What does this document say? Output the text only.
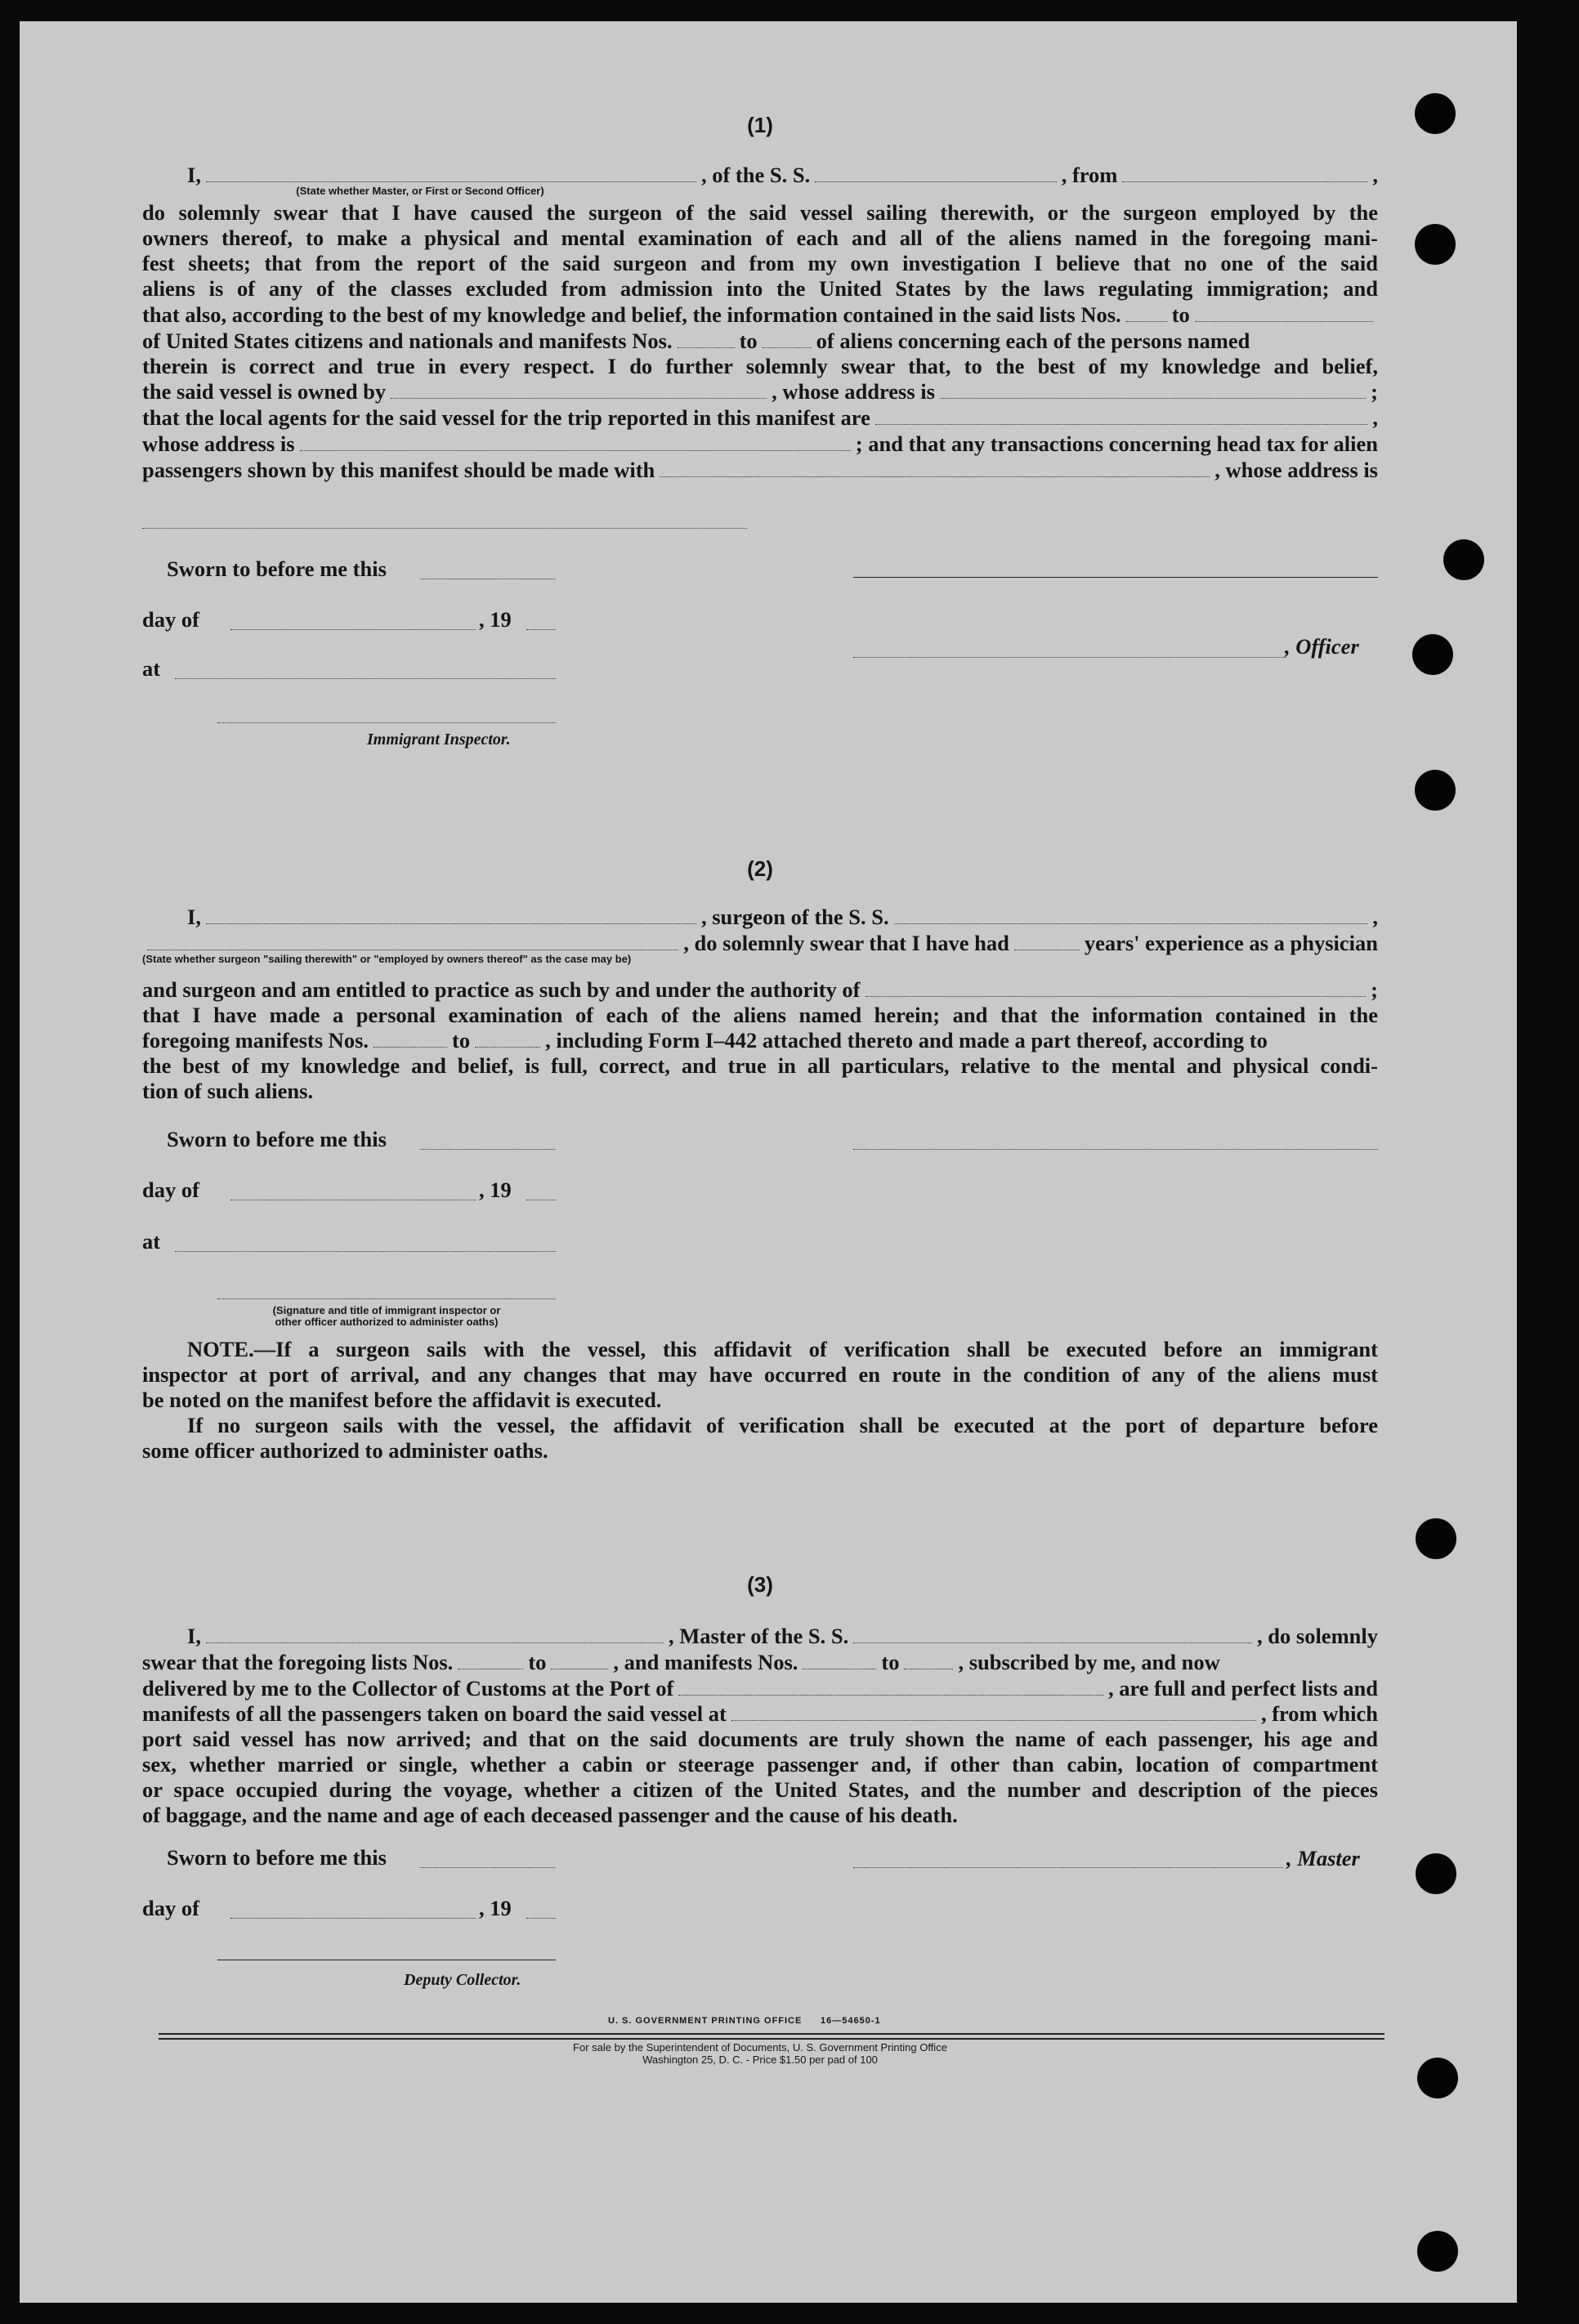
(1)
I,	, of the S. S.	, from	,
(State whether Master, or First or Second Officer)
do solemnly swear that I have caused the surgeon of the said vessel sailing therewith, or the surgeon employed by the
owners thereof, to make a physical and mental examination of each and all of the aliens named in the foregoing mani-
fest sheets; that from the report of the said surgeon and from my own investigation I believe that no one of the said
aliens is of any of the classes excluded from admission into the United States by the laws regulating immigration; and
that also, according to the best of my knowledge and belief, the information contained in the said lists Nos. to
of United States citizens and nationals and manifests Nos.	to	of aliens concerning each of the persons named
therein is correct and true in every respect. I do further solemnly swear that, to the best of my knowledge and belief,
the said vessel is owned by	, whose address is	;
that the local agents for the said vessel for the trip reported in this manifest are	,
whose address is	; and that any transactions concerning head tax for alien
passengers shown by this manifest should be made with	, whose address is
Sworn to before me this
day of	, 19
at
, Officer
Immigrant Inspector.
(2)
I,	, surgeon of the S. S.	,
, do solemnly swear that I have had	years' experience as a physician
(State whether surgeon "sailing therewith" or "employed by owners thereof" as the case may be)
and surgeon and am entitled to practice as such by and under the authority of	;
that I have made a personal examination of each of the aliens named herein; and that the information contained in the
foregoing manifests Nos.	to	, including Form I–442 attached thereto and made a part thereof, according to
the best of my knowledge and belief, is full, correct, and true in all particulars, relative to the mental and physical condi-
tion of such aliens.
Sworn to before me this
day of	, 19
at
(Signature and title of immigrant inspector or
other officer authorized to administer oaths)
NOTE.—If a surgeon sails with the vessel, this affidavit of verification shall be executed before an immigrant
inspector at port of arrival, and any changes that may have occurred en route in the condition of any of the aliens must
be noted on the manifest before the affidavit is executed.
If no surgeon sails with the vessel, the affidavit of verification shall be executed at the port of departure before
some officer authorized to administer oaths.
(3)
I,	, Master of the S. S.	, do solemnly
swear that the foregoing lists Nos.	to	, and manifests Nos.	to	, subscribed by me, and now
delivered by me to the Collector of Customs at the Port of	, are full and perfect lists and
manifests of all the passengers taken on board the said vessel at	, from which
port said vessel has now arrived; and that on the said documents are truly shown the name of each passenger, his age and
sex, whether married or single, whether a cabin or steerage passenger and, if other than cabin, location of compartment
or space occupied during the voyage, whether a citizen of the United States, and the number and description of the pieces
of baggage, and the name and age of each deceased passenger and the cause of his death.
Sworn to before me this	, Master
day of	, 19
Deputy Collector.
U. S. GOVERNMENT PRINTING OFFICE 16—54650-1
For sale by the Superintendent of Documents, U. S. Government Printing Office
Washington 25, D. C. - Price $1.50 per pad of 100
